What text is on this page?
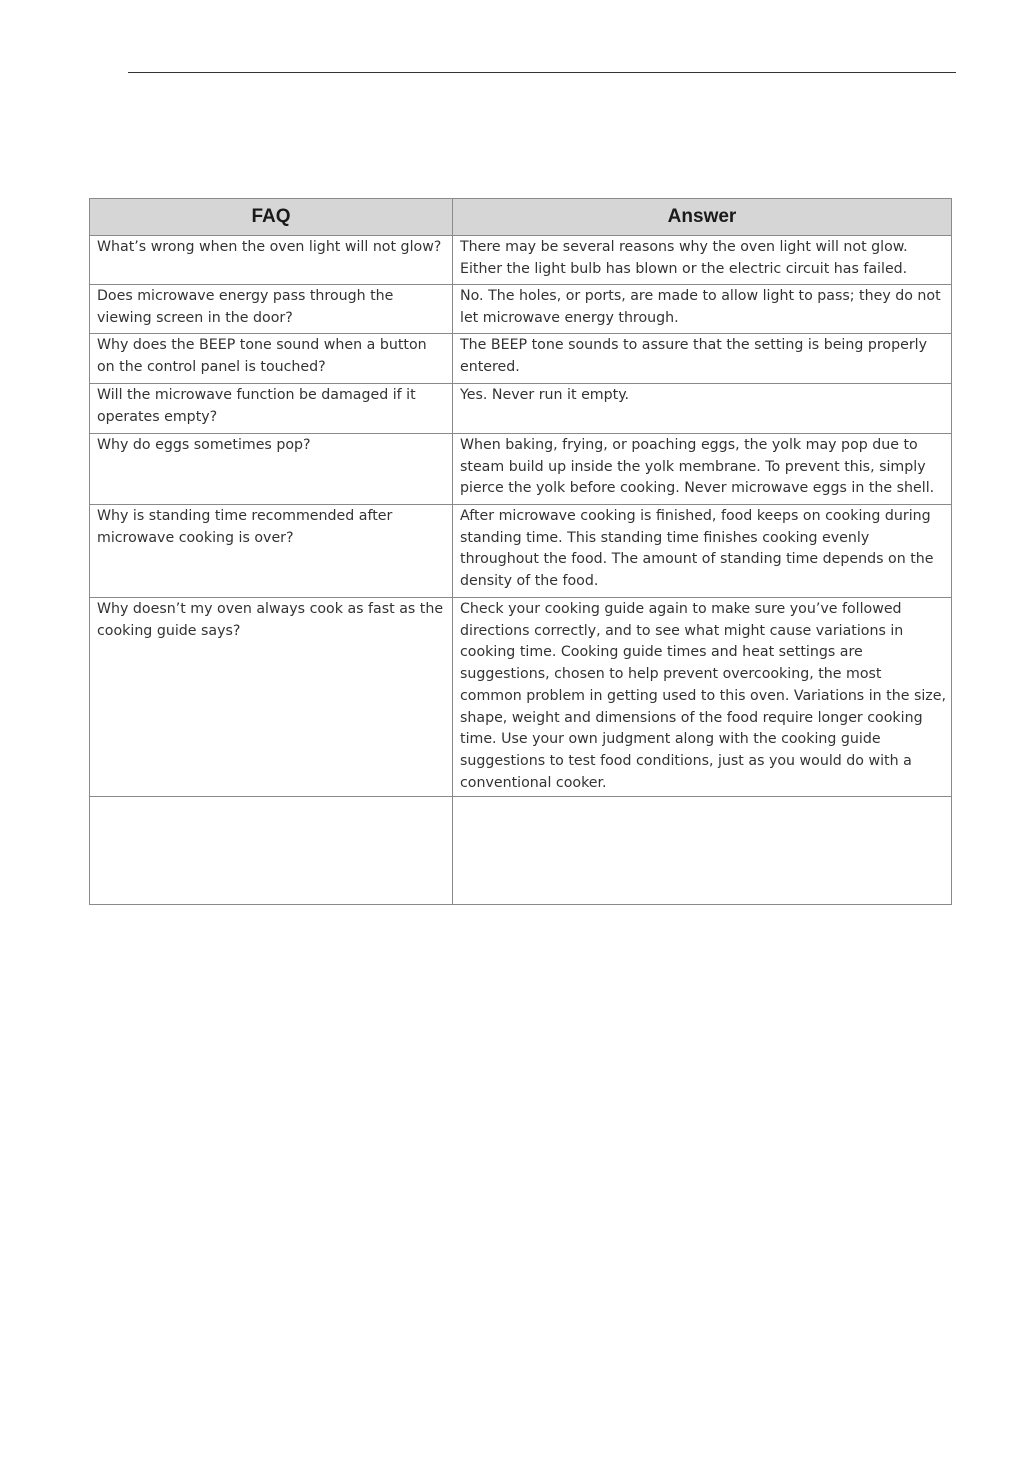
FAQ	Answer
What’s wrong when the oven light will not glow?	There may be several reasons why the oven light will not glow. Either the light bulb has blown or the electric circuit has failed.
Does microwave energy pass through the viewing screen in the door?	No. The holes, or ports, are made to allow light to pass; they do not let microwave energy through.
Why does the BEEP tone sound when a button on the control panel is touched?	The BEEP tone sounds to assure that the setting is being properly entered.
Will the microwave function be damaged if it operates empty?	Yes. Never run it empty.
Why do eggs sometimes pop?	When baking, frying, or poaching eggs, the yolk may pop due to steam build up inside the yolk membrane. To prevent this, simply pierce the yolk before cooking. Never microwave eggs in the shell.
Why is standing time recommended after microwave cooking is over?	After microwave cooking is finished, food keeps on cooking during standing time. This standing time finishes cooking evenly throughout the food. The amount of standing time depends on the density of the food.
Why doesn’t my oven always cook as fast as the cooking guide says?	Check your cooking guide again to make sure you’ve followed directions correctly, and to see what might cause variations in cooking time. Cooking guide times and heat settings are suggestions, chosen to help prevent overcooking, the most common problem in getting used to this oven. Variations in the size, shape, weight and dimensions of the food require longer cooking time. Use your own judgment along with the cooking guide suggestions to test food conditions, just as you would do with a conventional cooker.
